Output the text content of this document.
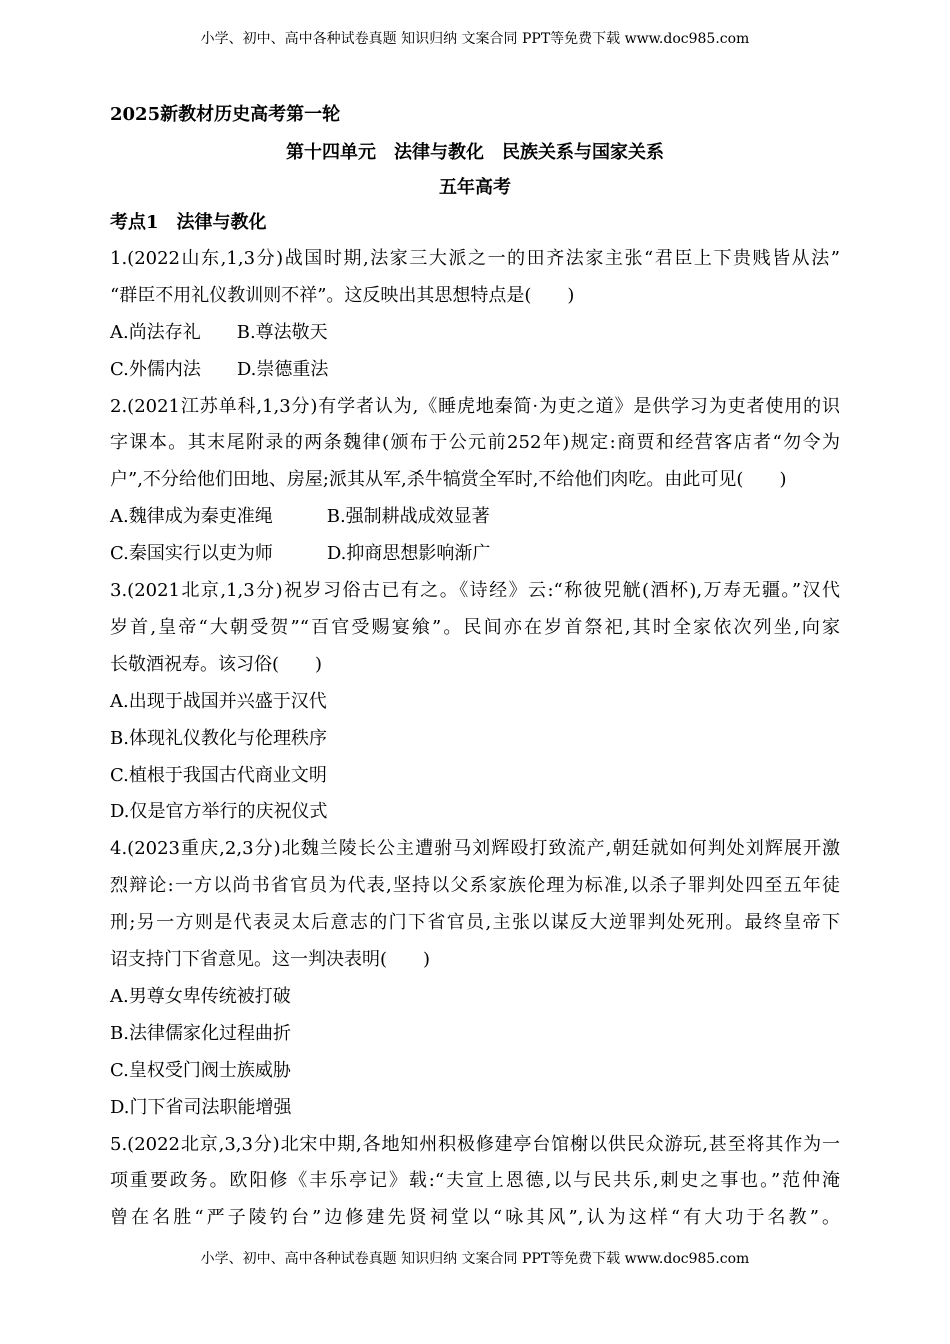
小学、初中、高中各种试卷真题 知识归纳 文案合同 PPT等免费下载 www.doc985.com
2025新教材历史高考第一轮
第十四单元　法律与教化　民族关系与国家关系
五年高考
考点1　法律与教化
1.(2022山东,1,3分)战国时期,法家三大派之一的田齐法家主张“君臣上下贵贱皆从法”
“群臣不用礼仪教训则不祥”。这反映出其思想特点是(　　)
A.尚法存礼　　B.尊法敬天
C.外儒内法　　D.崇德重法
2.(2021江苏单科,1,3分)有学者认为,《睡虎地秦简·为吏之道》是供学习为吏者使用的识
字课本。其末尾附录的两条魏律(颁布于公元前252年)规定:商贾和经营客店者“勿令为
户”,不分给他们田地、房屋;派其从军,杀牛犒赏全军时,不给他们肉吃。由此可见(　　)
A.魏律成为秦吏准绳　　　B.强制耕战成效显著
C.秦国实行以吏为师　　　D.抑商思想影响渐广
3.(2021北京,1,3分)祝岁习俗古已有之。《诗经》云:“称彼兕觥(酒杯),万寿无疆。”汉代
岁首,皇帝“大朝受贺”“百官受赐宴飨”。民间亦在岁首祭祀,其时全家依次列坐,向家
长敬酒祝寿。该习俗(　　)
A.出现于战国并兴盛于汉代
B.体现礼仪教化与伦理秩序
C.植根于我国古代商业文明
D.仅是官方举行的庆祝仪式
4.(2023重庆,2,3分)北魏兰陵长公主遭驸马刘辉殴打致流产,朝廷就如何判处刘辉展开激
烈辩论:一方以尚书省官员为代表,坚持以父系家族伦理为标准,以杀子罪判处四至五年徒
刑;另一方则是代表灵太后意志的门下省官员,主张以谋反大逆罪判处死刑。最终皇帝下
诏支持门下省意见。这一判决表明(　　)
A.男尊女卑传统被打破
B.法律儒家化过程曲折
C.皇权受门阀士族威胁
D.门下省司法职能增强
5.(2022北京,3,3分)北宋中期,各地知州积极修建亭台馆榭以供民众游玩,甚至将其作为一
项重要政务。欧阳修《丰乐亭记》载:“夫宣上恩德,以与民共乐,刺史之事也。”范仲淹
曾在名胜“严子陵钓台”边修建先贤祠堂以“咏其风”,认为这样“有大功于名教”。
小学、初中、高中各种试卷真题 知识归纳 文案合同 PPT等免费下载 www.doc985.com
